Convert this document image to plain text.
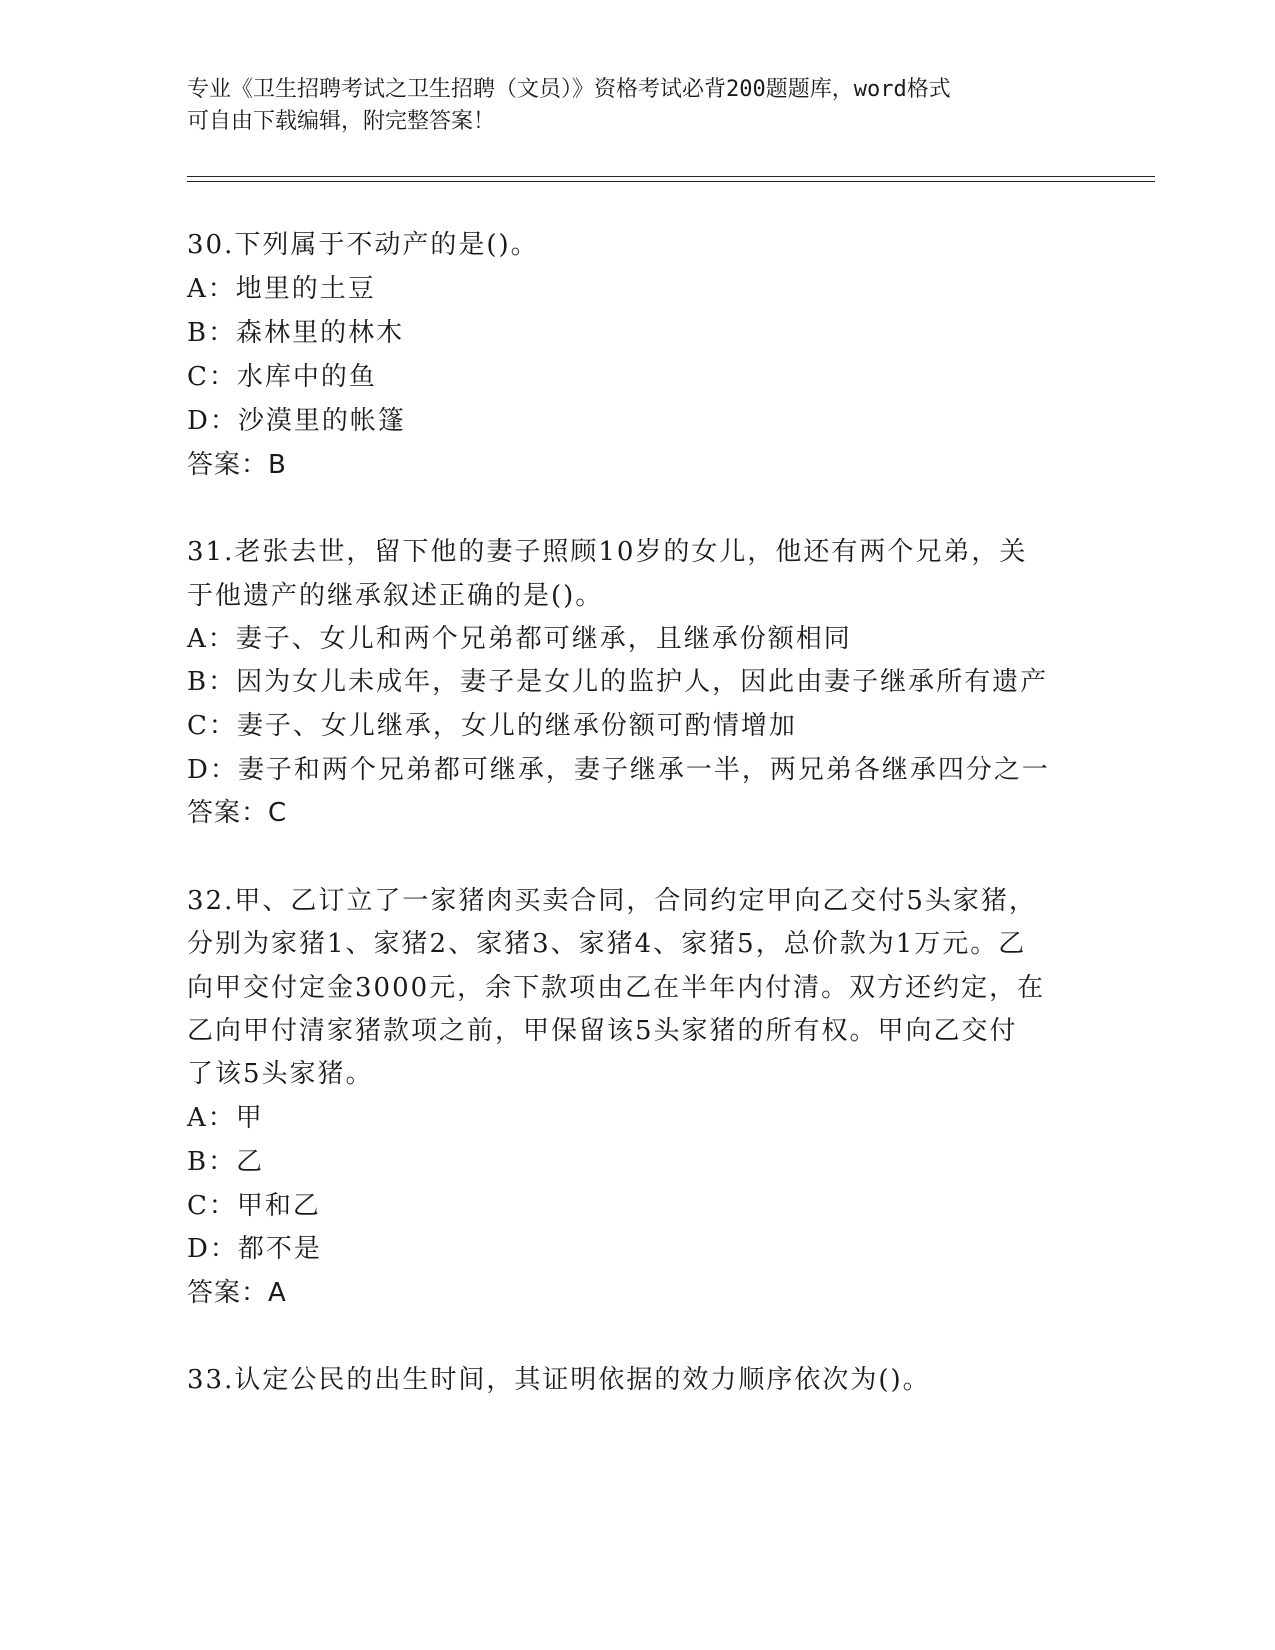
专业《卫生招聘考试之卫生招聘（文员）》资格考试必背200题题库，word格式
可自由下载编辑，附完整答案！
30.下列属于不动产的是()。
A：地里的土豆
B：森林里的林木
C：水库中的鱼
D：沙漠里的帐篷
答案：B
31.老张去世，留下他的妻子照顾10岁的女儿，他还有两个兄弟，关
于他遗产的继承叙述正确的是()。
A：妻子、女儿和两个兄弟都可继承，且继承份额相同
B：因为女儿未成年，妻子是女儿的监护人，因此由妻子继承所有遗产
C：妻子、女儿继承，女儿的继承份额可酌情增加
D：妻子和两个兄弟都可继承，妻子继承一半，两兄弟各继承四分之一
答案：C
32.甲、乙订立了一家猪肉买卖合同，合同约定甲向乙交付5头家猪，
分别为家猪1、家猪2、家猪3、家猪4、家猪5，总价款为1万元。乙
向甲交付定金3000元，余下款项由乙在半年内付清。双方还约定，在
乙向甲付清家猪款项之前，甲保留该5头家猪的所有权。甲向乙交付
了该5头家猪。
A：甲
B：乙
C：甲和乙
D：都不是
答案：A
33.认定公民的出生时间，其证明依据的效力顺序依次为()。
